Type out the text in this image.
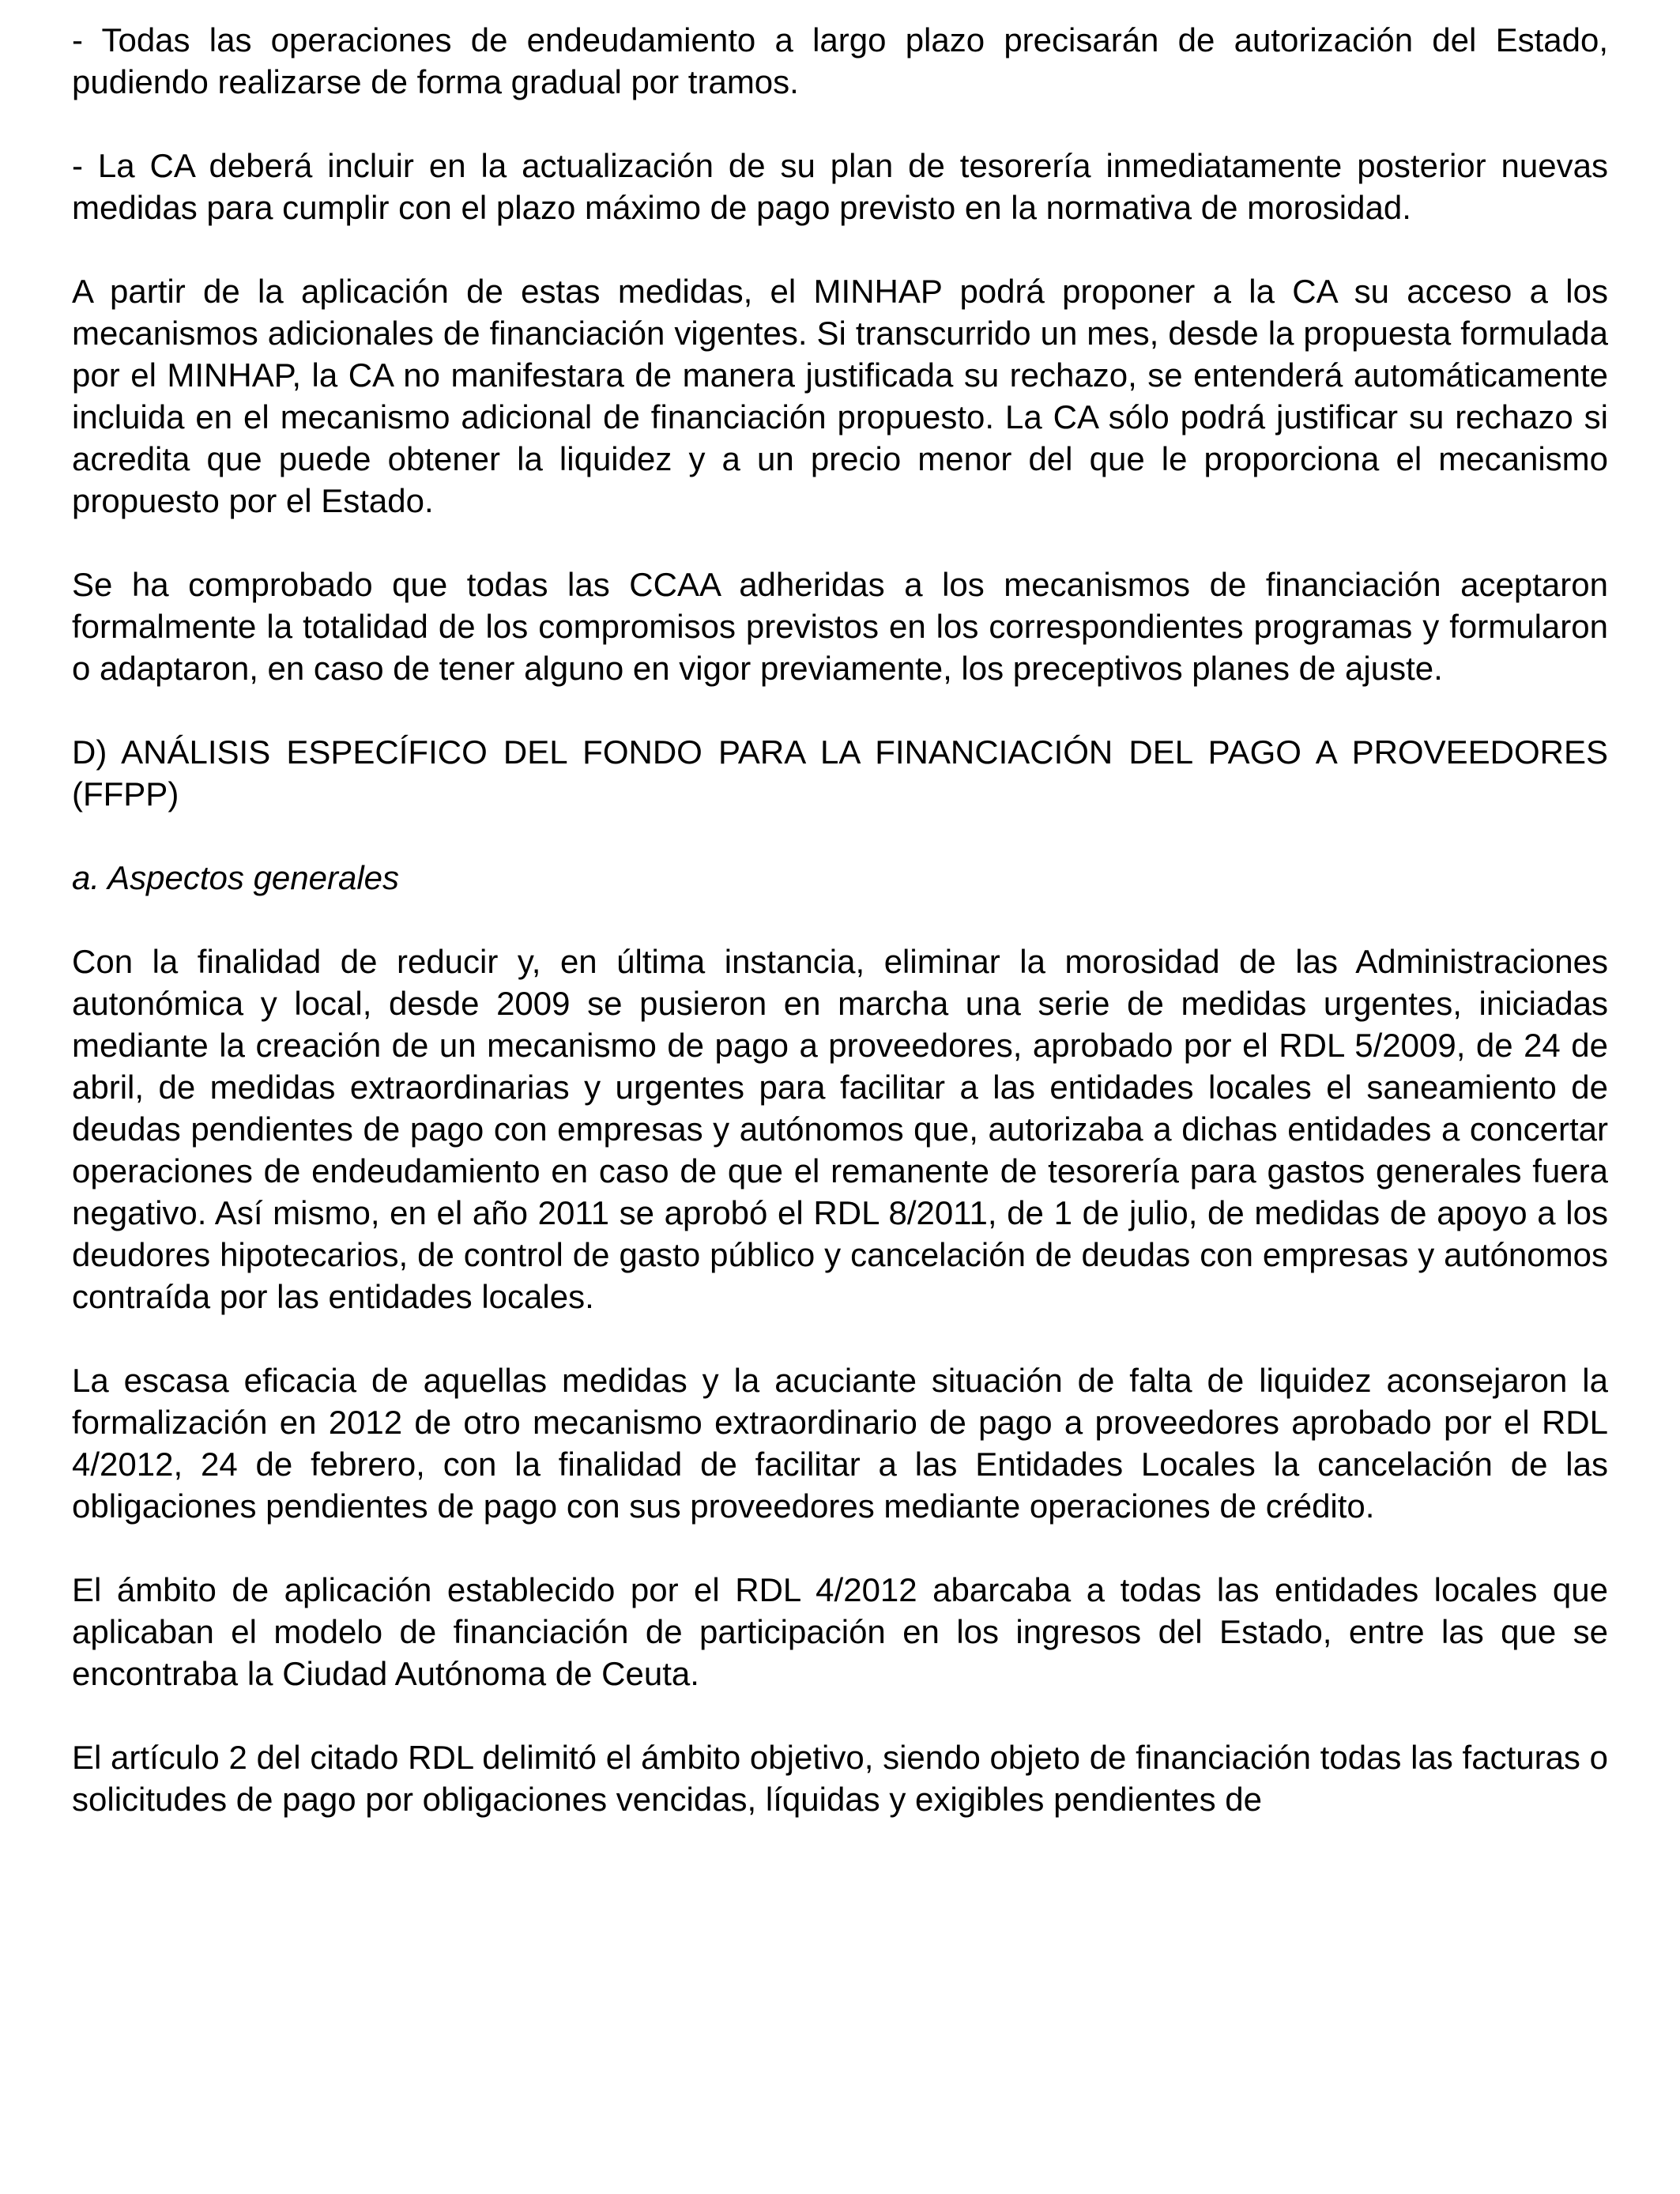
- Todas las operaciones de endeudamiento a largo plazo precisarán de autorización del Estado, pudiendo realizarse de forma gradual por tramos.

- La CA deberá incluir en la actualización de su plan de tesorería inmediatamente posterior nuevas medidas para cumplir con el plazo máximo de pago previsto en la normativa de morosidad.

A partir de la aplicación de estas medidas, el MINHAP podrá proponer a la CA su acceso a los mecanismos adicionales de financiación vigentes. Si transcurrido un mes, desde la propuesta formulada por el MINHAP, la CA no manifestara de manera justificada su rechazo, se entenderá automáticamente incluida en el mecanismo adicional de financiación propuesto. La CA sólo podrá justificar su rechazo si acredita que puede obtener la liquidez y a un precio menor del que le proporciona el mecanismo propuesto por el Estado.

Se ha comprobado que todas las CCAA adheridas a los mecanismos de financiación aceptaron formalmente la totalidad de los compromisos previstos en los correspondientes programas y formularon o adaptaron, en caso de tener alguno en vigor previamente, los preceptivos planes de ajuste.

D) ANÁLISIS ESPECÍFICO DEL FONDO PARA LA FINANCIACIÓN DEL PAGO A PROVEEDORES (FFPP)

a. Aspectos generales

Con la finalidad de reducir y, en última instancia, eliminar la morosidad de las Administraciones autonómica y local, desde 2009 se pusieron en marcha una serie de medidas urgentes, iniciadas mediante la creación de un mecanismo de pago a proveedores, aprobado por el RDL 5/2009, de 24 de abril, de medidas extraordinarias y urgentes para facilitar a las entidades locales el saneamiento de deudas pendientes de pago con empresas y autónomos que, autorizaba a dichas entidades a concertar operaciones de endeudamiento en caso de que el remanente de tesorería para gastos generales fuera negativo. Así mismo, en el año 2011 se aprobó el RDL 8/2011, de 1 de julio, de medidas de apoyo a los deudores hipotecarios, de control de gasto público y cancelación de deudas con empresas y autónomos contraída por las entidades locales.

La escasa eficacia de aquellas medidas y la acuciante situación de falta de liquidez aconsejaron la formalización en 2012 de otro mecanismo extraordinario de pago a proveedores aprobado por el RDL 4/2012, 24 de febrero, con la finalidad de facilitar a las Entidades Locales la cancelación de las obligaciones pendientes de pago con sus proveedores mediante operaciones de crédito.

El ámbito de aplicación establecido por el RDL 4/2012 abarcaba a todas las entidades locales que aplicaban el modelo de financiación de participación en los ingresos del Estado, entre las que se encontraba la Ciudad Autónoma de Ceuta.

El artículo 2 del citado RDL delimitó el ámbito objetivo, siendo objeto de financiación todas las facturas o solicitudes de pago por obligaciones vencidas, líquidas y exigibles pendientes de
